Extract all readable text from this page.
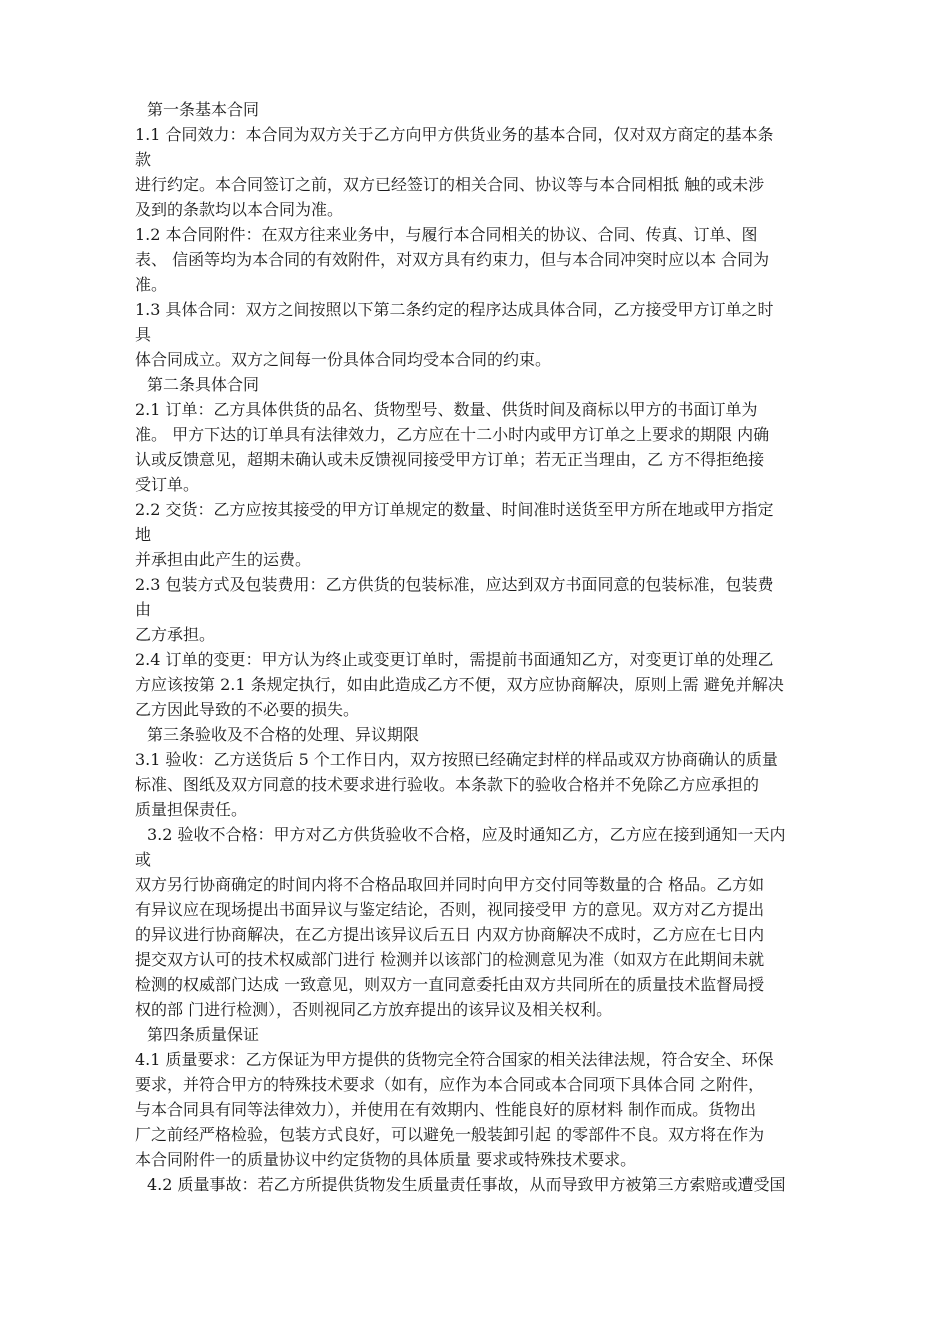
第一条基本合同
1.1 合同效力：本合同为双方关于乙方向甲方供货业务的基本合同，仅对双方商定的基本条
款
进行约定。本合同签订之前，双方已经签订的相关合同、协议等与本合同相抵 触的或未涉
及到的条款均以本合同为准。
1.2 本合同附件：在双方往来业务中，与履行本合同相关的协议、合同、传真、订单、图
表、 信函等均为本合同的有效附件，对双方具有约束力，但与本合同冲突时应以本 合同为
准。
1.3 具体合同：双方之间按照以下第二条约定的程序达成具体合同，乙方接受甲方订单之时
具
体合同成立。双方之间每一份具体合同均受本合同的约束。
第二条具体合同
2.1 订单：乙方具体供货的品名、货物型号、数量、供货时间及商标以甲方的书面订单为
准。 甲方下达的订单具有法律效力，乙方应在十二小时内或甲方订单之上要求的期限 内确
认或反馈意见，超期未确认或未反馈视同接受甲方订单；若无正当理由，乙 方不得拒绝接
受订单。
2.2 交货：乙方应按其接受的甲方订单规定的数量、时间准时送货至甲方所在地或甲方指定
地
并承担由此产生的运费。
2.3 包装方式及包装费用：乙方供货的包装标准，应达到双方书面同意的包装标准，包装费
由
乙方承担。
2.4 订单的变更：甲方认为终止或变更订单时，需提前书面通知乙方，对变更订单的处理乙
方应该按第 2.1 条规定执行，如由此造成乙方不便，双方应协商解决，原则上需 避免并解决
乙方因此导致的不必要的损失。
第三条验收及不合格的处理、异议期限
3.1 验收：乙方送货后 5 个工作日内，双方按照已经确定封样的样品或双方协商确认的质量
标准、图纸及双方同意的技术要求进行验收。本条款下的验收合格并不免除乙方应承担的
质量担保责任。
3.2 验收不合格：甲方对乙方供货验收不合格，应及时通知乙方，乙方应在接到通知一天内
或
双方另行协商确定的时间内将不合格品取回并同时向甲方交付同等数量的合 格品。乙方如
有异议应在现场提出书面异议与鉴定结论，否则，视同接受甲 方的意见。双方对乙方提出
的异议进行协商解决，在乙方提出该异议后五日 内双方协商解决不成时，乙方应在七日内
提交双方认可的技术权威部门进行 检测并以该部门的检测意见为准（如双方在此期间未就
检测的权威部门达成 一致意见，则双方一直同意委托由双方共同所在的质量技术监督局授
权的部 门进行检测），否则视同乙方放弃提出的该异议及相关权利。
第四条质量保证
4.1 质量要求：乙方保证为甲方提供的货物完全符合国家的相关法律法规，符合安全、环保
要求，并符合甲方的特殊技术要求（如有，应作为本合同或本合同项下具体合同 之附件，
与本合同具有同等法律效力），并使用在有效期内、性能良好的原材料 制作而成。货物出
厂之前经严格检验，包装方式良好，可以避免一般装卸引起 的零部件不良。双方将在作为
本合同附件一的质量协议中约定货物的具体质量 要求或特殊技术要求。
4.2 质量事故：若乙方所提供货物发生质量责任事故，从而导致甲方被第三方索赔或遭受国
